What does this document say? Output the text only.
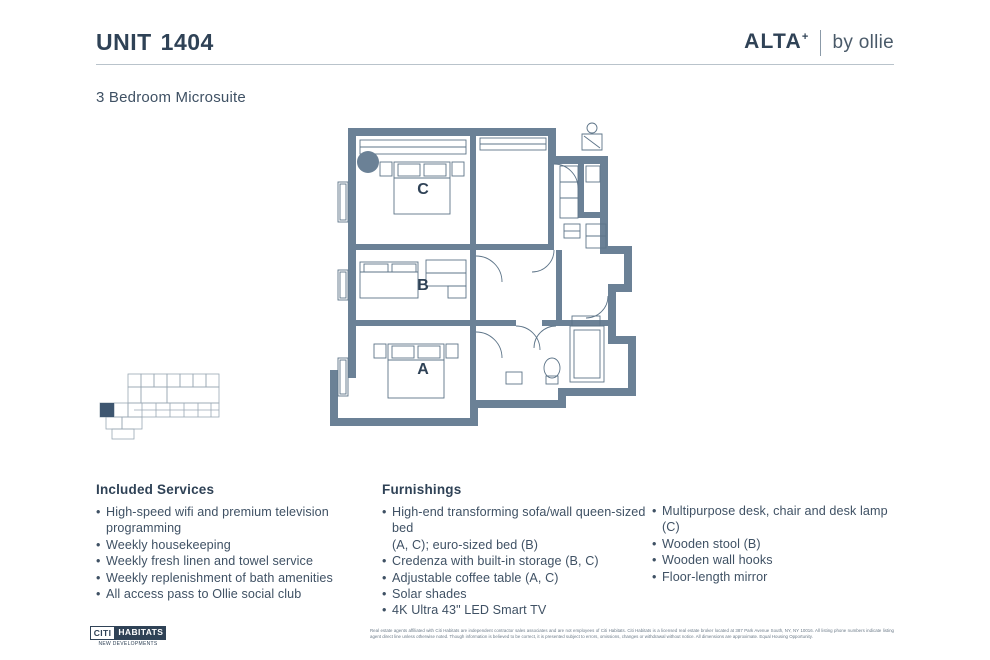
UNIT 1404	ALTA+ by ollie
3 Bedroom Microsuite
C
B
A
Included Services
• High-speed wifi and premium television
programming
• Weekly housekeeping
• Weekly fresh linen and towel service
• Weekly replenishment of bath amenities
• All access pass to Ollie social club
Furnishings
• High-end transforming sofa/wall queen-sized bed
(A, C); euro-sized bed (B)
• Credenza with built-in storage (B, C)
• Adjustable coffee table (A, C)
• Solar shades
• 4K Ultra 43" LED Smart TV
• Multipurpose desk, chair and desk lamp (C)
• Wooden stool (B)
• Wooden wall hooks
• Floor-length mirror
CITI HABITATS
NEW DEVELOPMENTS
Real estate agents affiliated with Citi Habitats are independent contractor sales associates and are not employees of Citi Habitats. Citi Habitats is a licensed real estate broker located at 387 Park Avenue South, NY, NY 10016. All listing phone numbers indicate listing agent direct line unless otherwise noted. Though information is believed to be correct, it is presented subject to errors, omissions, changes or withdrawal without notice. All dimensions are approximate. Equal Housing Opportunity.
